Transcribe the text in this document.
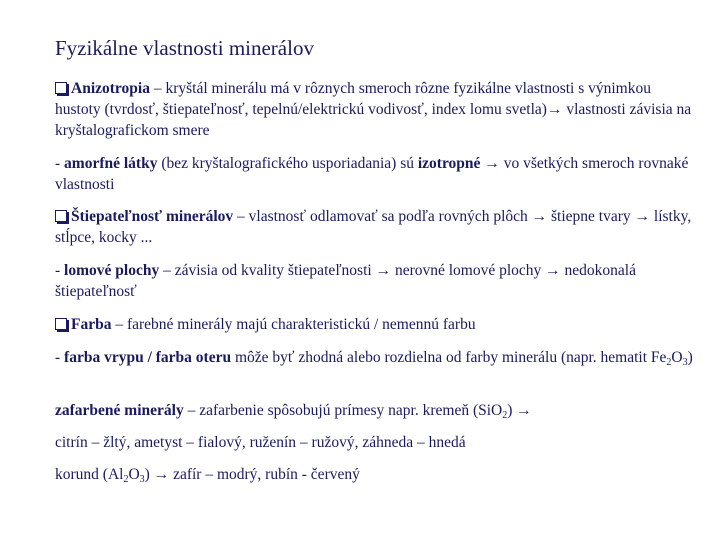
Fyzikálne vlastnosti minerálov
Anizotropia – kryštál minerálu má v rôznych smeroch rôzne fyzikálne vlastnosti s výnimkou hustoty (tvrdosť, štiepateľnosť, tepelnú/elektrickú vodivosť, index lomu svetla)→ vlastnosti závisia na kryštalografickom smere
- amorfné látky (bez kryštalografického usporiadania) sú izotropné → vo všetkých smeroch rovnaké vlastnosti
Štiepateľnosť minerálov – vlastnosť odlamovať sa podľa rovných plôch → štiepne tvary → lístky, stĺpce, kocky ...
- lomové plochy – závisia od kvality štiepateľnosti → nerovné lomové plochy → nedokonalá štiepateľnosť
Farba – farebné minerály majú charakteristickú / nemennú farbu
- farba vrypu / farba oteru môže byť zhodná alebo rozdielna od farby minerálu (napr. hematit $Fe_2O_3$)
zafarbené minerály – zafarbenie spôsobujú prímesy napr. kremeň (SiO$_2$) →
citrín – žltý, ametyst – fialový, ruženín – ružový, záhneda – hnedá
korund $(Al_2O_3)$ → zafír – modrý, rubín - červený
